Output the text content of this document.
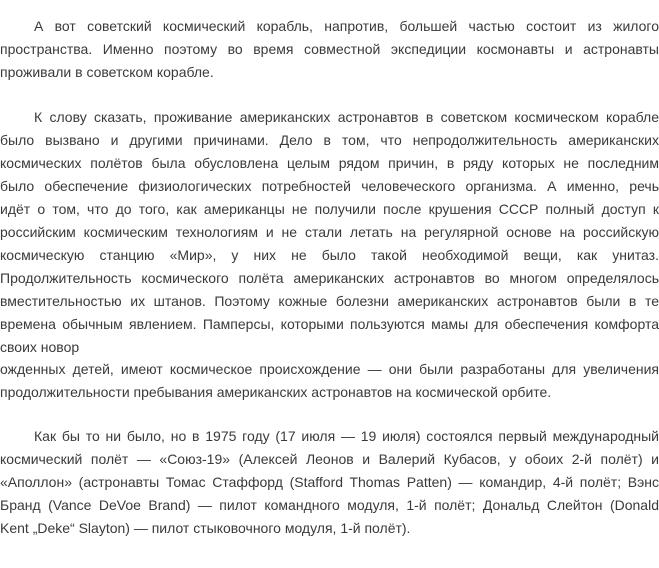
А вот советский космический корабль, напротив, большей частью состоит из жилого
пространства. Именно поэтому во время совместной экспедиции космонавты и астронавты
проживали в советском корабле.
К слову сказать, проживание американских астронавтов в советском космическом корабле
было вызвано и другими причинами. Дело в том, что непродолжительность американских
космических полётов была обусловлена целым рядом причин, в ряду которых не последним
было обеспечение физиологических потребностей человеческого организма. А именно, речь
идёт о том, что до того, как американцы не получили после крушения СССР полный доступ к
российским космическим технологиям и не стали летать на регулярной основе на российскую
космическую станцию «Мир», у них не было такой необходимой вещи, как унитаз.
Продолжительность космического полёта американских астронавтов во многом определялось
вместительностью их штанов. Поэтому кожные болезни американских астронавтов были в те
времена обычным явлением. Памперсы, которыми пользуются мамы для обеспечения комфорта
своих новор
ожденных детей, имеют космическое происхождение — они были разработаны для увеличения
продолжительности пребывания американских астронавтов на космической орбите.
Как бы то ни было, но в 1975 году (17 июля — 19 июля) состоялся первый международный
космический полёт — «Союз-19» (Алексей Леонов и Валерий Кубасов, у обоих 2-й полёт) и
«Аполлон» (астронавты Томас Стаффорд (Stafford Thomas Patten) — командир, 4-й полёт; Вэнс
Бранд (Vance DeVoe Brand) — пилот командного модуля, 1-й полёт; Дональд Слейтон (Donald
Kent „Deke“ Slayton) — пилот стыковочного модуля, 1-й полёт).
